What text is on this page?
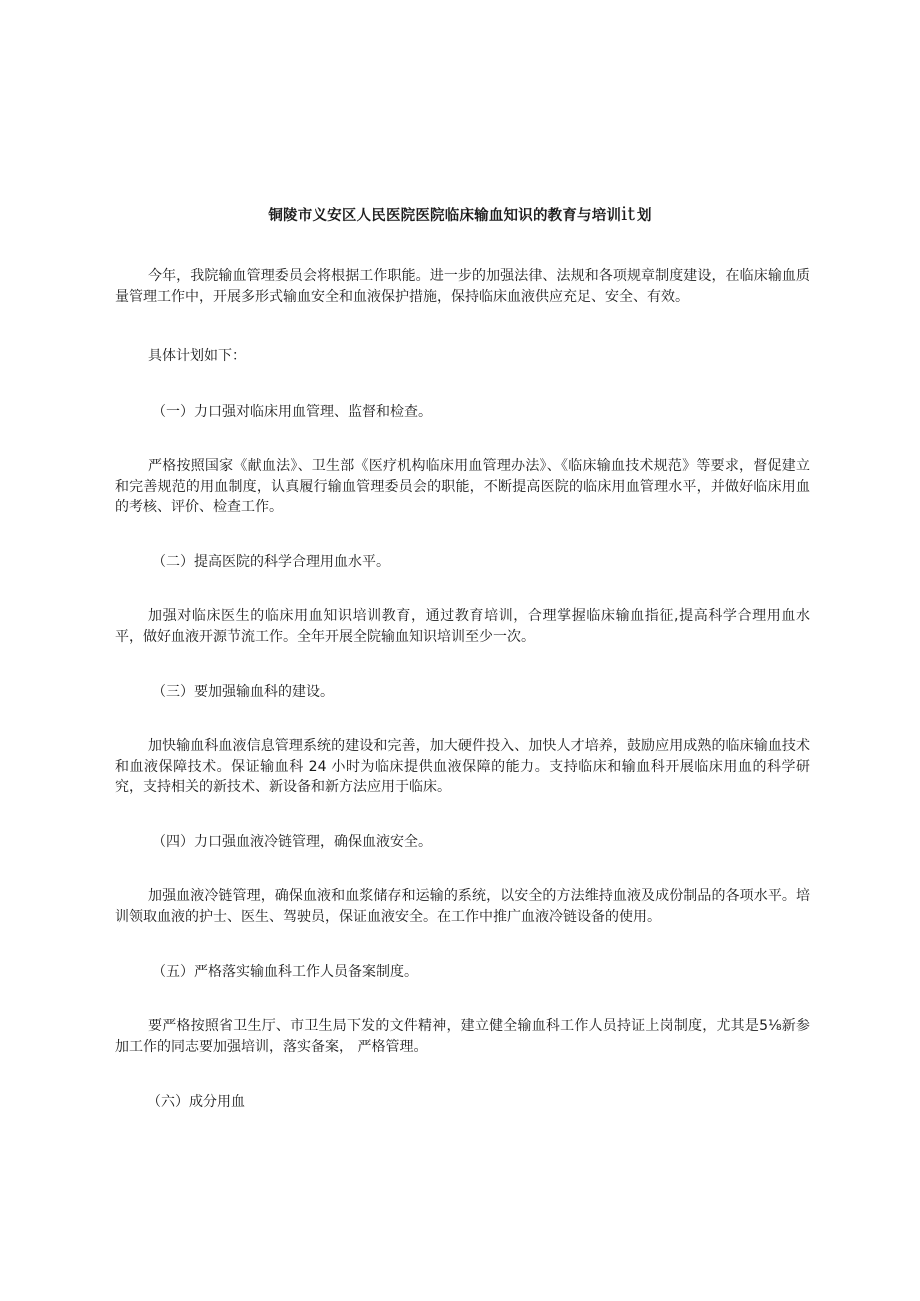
铜陵市义安区人民医院医院临床输血知识的教育与培训it  划

今年，我院输血管理委员会将根据工作职能。进一步的加强法律、法规和各项规章制度建设，在临床输血质量管理工作中，开展多形式输血安全和血液保护措施，保持临床血液供应充足、安全、有效。

具体计划如下：

（一）力口强对临床用血管理、监督和检查。

严格按照国家《献血法》、卫生部《医疗机构临床用血管理办法》、《临床输血技术规范》等要求，督促建立和完善规范的用血制度，认真履行输血管理委员会的职能，不断提高医院的临床用血管理水平，并做好临床用血的考核、评价、检查工作。

（二）提高医院的科学合理用血水平。

加强对临床医生的临床用血知识培训教育，通过教育培训，合理掌握临床输血指征,提高科学合理用血水平，做好血液开源节流工作。全年开展全院输血知识培训至少一次。

（三）要加强输血科的建设。

加快输血科血液信息管理系统的建设和完善，加大硬件投入、加快人才培养，鼓励应用成熟的临床输血技术和血液保障技术。保证输血科 24 小时为临床提供血液保障的能力。支持临床和输血科开展临床用血的科学研究，支持相关的新技术、新设备和新方法应用于临床。

（四）力口强血液冷链管理，确保血液安全。

加强血液冷链管理，确保血液和血浆储存和运输的系统，以安全的方法维持血液及成份制品的各项水平。培训领取血液的护士、医生、驾驶员，保证血液安全。在工作中推广血液冷链设备的使用。

（五）严格落实输血科工作人员备案制度。

要严格按照省卫生厅、市卫生局下发的文件精神，建立健全输血科工作人员持证上岗制度，尤其是5⅛新参加工作的同志要加强培训，落实备案， 严格管理。

（六）成分用血
